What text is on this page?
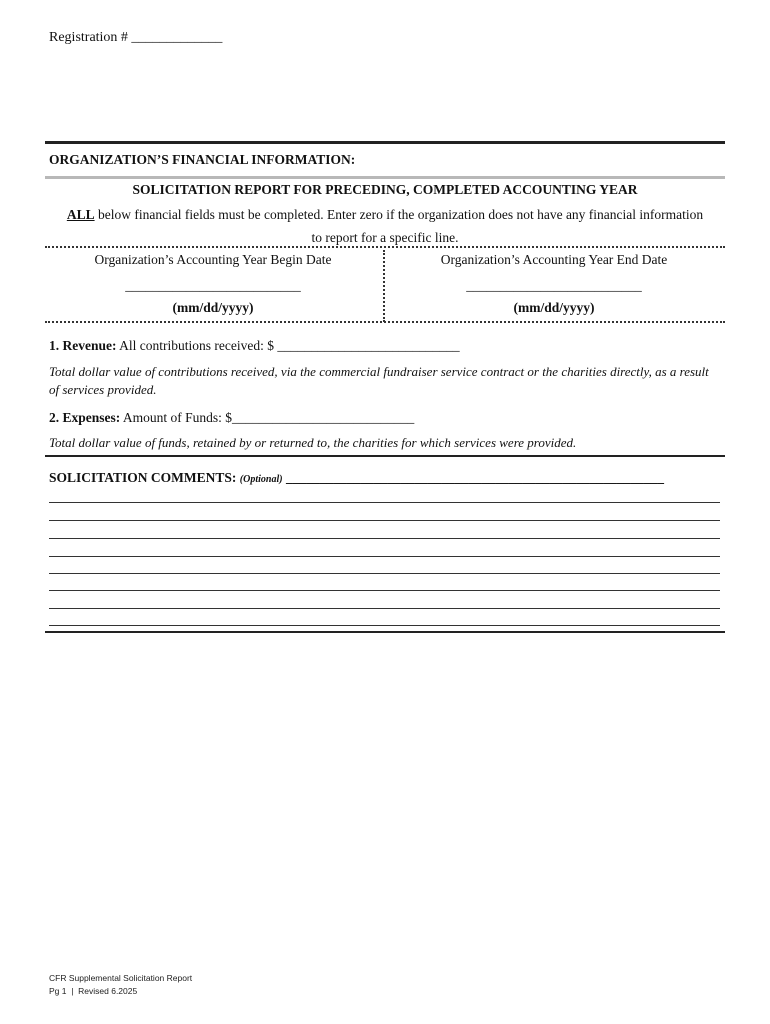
Registration # _____________
ORGANIZATION’S FINANCIAL INFORMATION:
SOLICITATION REPORT FOR PRECEDING, COMPLETED ACCOUNTING YEAR
ALL below financial fields must be completed. Enter zero if the organization does not have any financial information to report for a specific line.
Organization’s Accounting Year Begin Date
__________________________
(mm/dd/yyyy)
Organization’s Accounting Year End Date
__________________________
(mm/dd/yyyy)
1. Revenue: All contributions received: $ ___________________________
Total dollar value of contributions received, via the commercial fundraiser service contract or the charities directly, as a result of services provided.
2. Expenses: Amount of Funds: $___________________________
Total dollar value of funds, retained by or returned to, the charities for which services were provided.
SOLICITATION COMMENTS: (Optional) ________________________________________________________
CFR Supplemental Solicitation Report
Pg 1  |  Revised 6.2025
